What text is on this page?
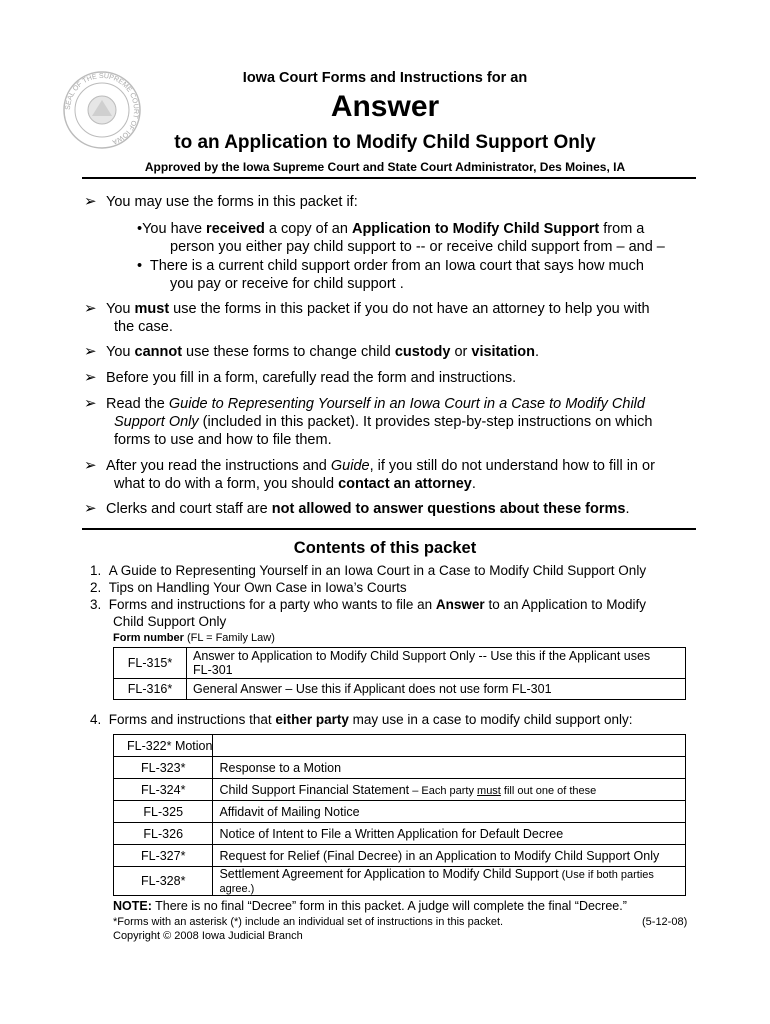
SEAL OF THE SUPREME COURT OF IOWA
Iowa Court Forms and Instructions for an
Answer
to an Application to Modify Child Support Only
Approved by the Iowa Supreme Court and State Court Administrator, Des Moines, IA
➢ You may use the forms in this packet if:
•You have received a copy of an Application to Modify Child Support from a
person you either pay child support to -- or receive child support from – and –
•  There is a current child support order from an Iowa court that says how much
you pay or receive for child support .
➢ You must use the forms in this packet if you do not have an attorney to help you with
the case.
➢ You cannot use these forms to change child custody or visitation.
➢ Before you fill in a form, carefully read the form and instructions.
➢ Read the Guide to Representing Yourself in an Iowa Court in a Case to Modify Child
Support Only (included in this packet). It provides step-by-step instructions on which
forms to use and how to file them.
➢ After you read the instructions and Guide, if you still do not understand how to fill in or
what to do with a form, you should contact an attorney.
➢ Clerks and court staff are not allowed to answer questions about these forms.
Contents of this packet
1.  A Guide to Representing Yourself in an Iowa Court in a Case to Modify Child Support Only
2.  Tips on Handling Your Own Case in Iowa’s Courts
3.  Forms and instructions for a party who wants to file an Answer to an Application to Modify
Child Support Only
Form number (FL = Family Law)
FL-315*	Answer to Application to Modify Child Support Only -- Use this if the Applicant uses
FL-301

FL-316*	General Answer – Use this if Applicant does not use form FL-301
4.  Forms and instructions that either party may use in a case to modify child support only:
FL-322* Motion	
FL-323*	Response to a Motion
FL-324*	Child Support Financial Statement – Each party must fill out one of these
FL-325	Affidavit of Mailing Notice
FL-326	Notice of Intent to File a Written Application for Default Decree
FL-327*	Request for Relief (Final Decree) in an Application to Modify Child Support Only
FL-328*	Settlement Agreement for Application to Modify Child Support (Use if both parties agree.)
NOTE: There is no final “Decree” form in this packet. A judge will complete the final “Decree.”
*Forms with an asterisk (*) include an individual set of instructions in this packet.	(5-12-08)
Copyright © 2008 Iowa Judicial Branch
